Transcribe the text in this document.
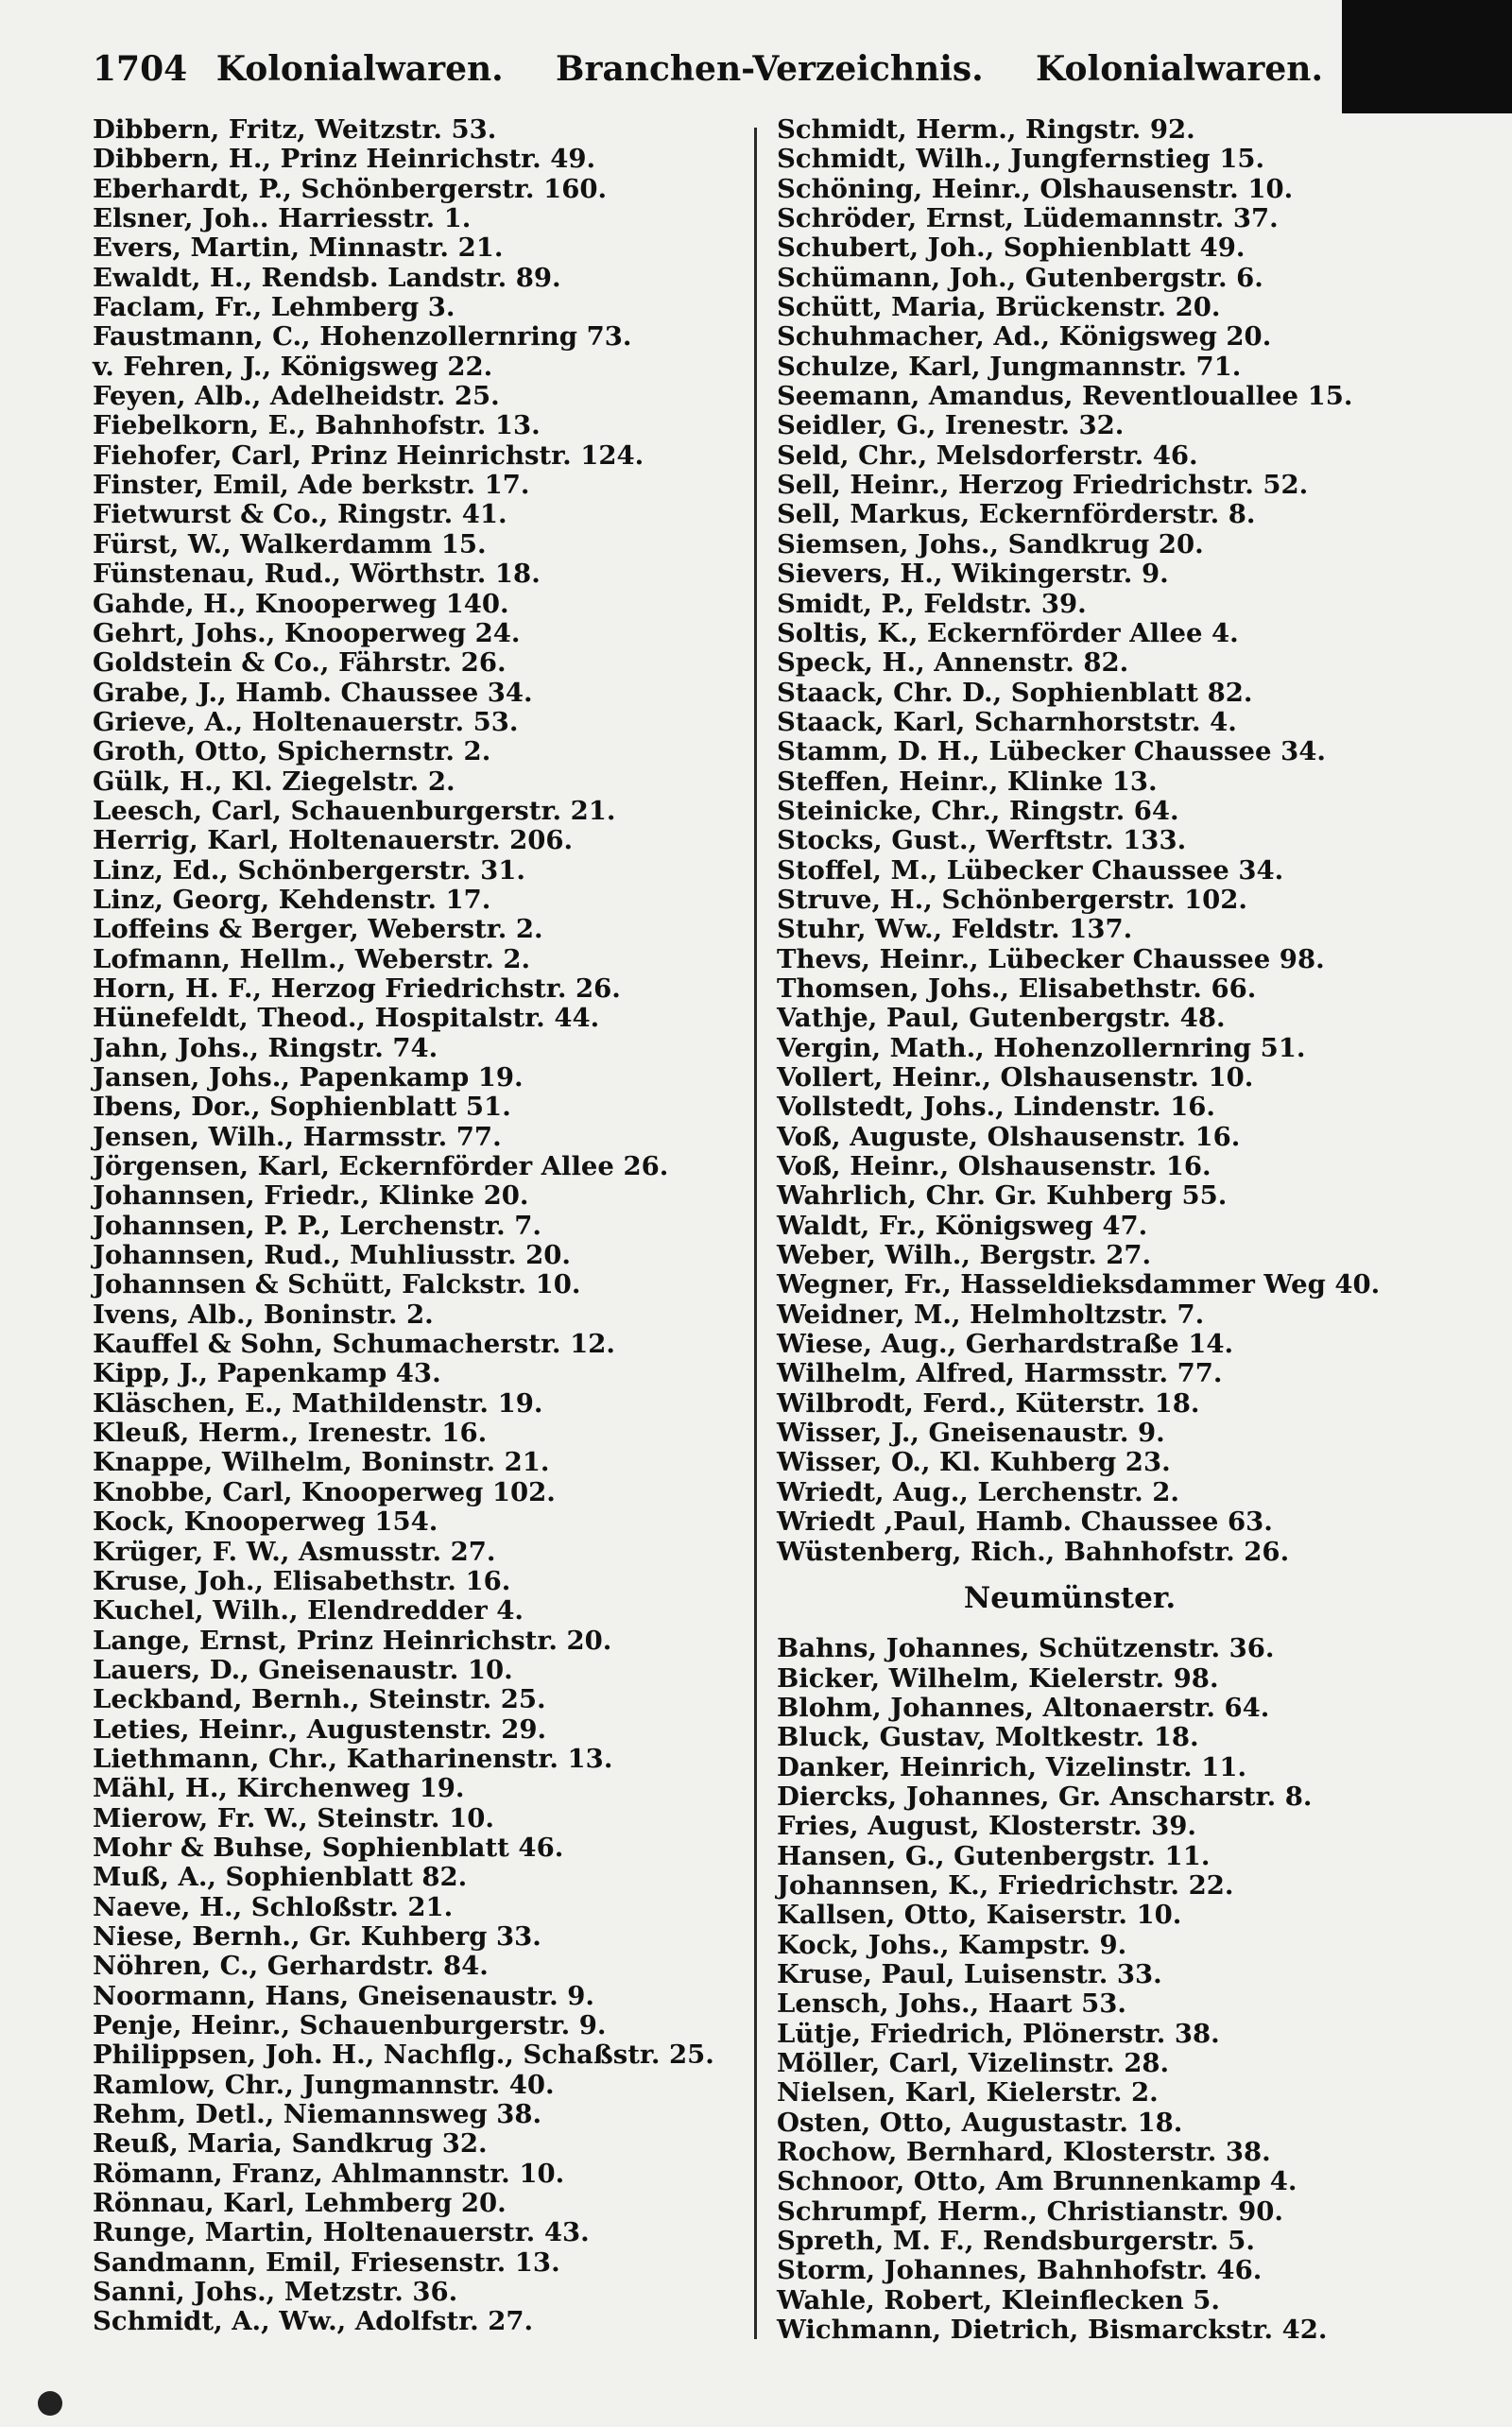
1704 Kolonialwaren. Branchen-Verzeichnis. Kolonialwaren.
Dibbern, Fritz, Weitzstr. 53.
Dibbern, H., Prinz Heinrichstr. 49.
Eberhardt, P., Schönbergerstr. 160.
Elsner, Joh.. Harriesstr. 1.
Evers, Martin, Minnastr. 21.
Ewaldt, H., Rendsb. Landstr. 89.
Faclam, Fr., Lehmberg 3.
Faustmann, C., Hohenzollernring 73.
v. Fehren, J., Königsweg 22.
Feyen, Alb., Adelheidstr. 25.
Fiebelkorn, E., Bahnhofstr. 13.
Fiehofer, Carl, Prinz Heinrichstr. 124.
Finster, Emil, Ade berkstr. 17.
Fietwurst & Co., Ringstr. 41.
Fürst, W., Walkerdamm 15.
Fünstenau, Rud., Wörthstr. 18.
Gahde, H., Knooperweg 140.
Gehrt, Johs., Knooperweg 24.
Goldstein & Co., Fährstr. 26.
Grabe, J., Hamb. Chaussee 34.
Grieve, A., Holtenauerstr. 53.
Groth, Otto, Spichernstr. 2.
Gülk, H., Kl. Ziegelstr. 2.
Leesch, Carl, Schauenburgerstr. 21.
Herrig, Karl, Holtenauerstr. 206.
Linz, Ed., Schönbergerstr. 31.
Linz, Georg, Kehdenstr. 17.
Loffeins & Berger, Weberstr. 2.
Lofmann, Hellm., Weberstr. 2.
Horn, H. F., Herzog Friedrichstr. 26.
Hünefeldt, Theod., Hospitalstr. 44.
Jahn, Johs., Ringstr. 74.
Jansen, Johs., Papenkamp 19.
Ibens, Dor., Sophienblatt 51.
Jensen, Wilh., Harmsstr. 77.
Jörgensen, Karl, Eckernförder Allee 26.
Johannsen, Friedr., Klinke 20.
Johannsen, P. P., Lerchenstr. 7.
Johannsen, Rud., Muhliusstr. 20.
Johannsen & Schütt, Falckstr. 10.
Ivens, Alb., Boninstr. 2.
Kauffel & Sohn, Schumacherstr. 12.
Kipp, J., Papenkamp 43.
Kläschen, E., Mathildenstr. 19.
Kleuß, Herm., Irenestr. 16.
Knappe, Wilhelm, Boninstr. 21.
Knobbe, Carl, Knooperweg 102.
Kock, Knooperweg 154.
Krüger, F. W., Asmusstr. 27.
Kruse, Joh., Elisabethstr. 16.
Kuchel, Wilh., Elendredder 4.
Lange, Ernst, Prinz Heinrichstr. 20.
Lauers, D., Gneisenaustr. 10.
Leckband, Bernh., Steinstr. 25.
Leties, Heinr., Augustenstr. 29.
Liethmann, Chr., Katharinenstr. 13.
Mähl, H., Kirchenweg 19.
Mierow, Fr. W., Steinstr. 10.
Mohr & Buhse, Sophienblatt 46.
Muß, A., Sophienblatt 82.
Naeve, H., Schloßstr. 21.
Niese, Bernh., Gr. Kuhberg 33.
Nöhren, C., Gerhardstr. 84.
Noormann, Hans, Gneisenaustr. 9.
Penje, Heinr., Schauenburgerstr. 9.
Philippsen, Joh. H., Nachflg., Schaßstr. 25.
Ramlow, Chr., Jungmannstr. 40.
Rehm, Detl., Niemannsweg 38.
Reuß, Maria, Sandkrug 32.
Römann, Franz, Ahlmannstr. 10.
Rönnau, Karl, Lehmberg 20.
Runge, Martin, Holtenauerstr. 43.
Sandmann, Emil, Friesenstr. 13.
Sanni, Johs., Metzstr. 36.
Schmidt, A., Ww., Adolfstr. 27.
Schmidt, Herm., Ringstr. 92.
Schmidt, Wilh., Jungfernstieg 15.
Schöning, Heinr., Olshausenstr. 10.
Schröder, Ernst, Lüdemannstr. 37.
Schubert, Joh., Sophienblatt 49.
Schümann, Joh., Gutenbergstr. 6.
Schütt, Maria, Brückenstr. 20.
Schuhmacher, Ad., Königsweg 20.
Schulze, Karl, Jungmannstr. 71.
Seemann, Amandus, Reventlouallee 15.
Seidler, G., Irenestr. 32.
Seld, Chr., Melsdorferstr. 46.
Sell, Heinr., Herzog Friedrichstr. 52.
Sell, Markus, Eckernförderstr. 8.
Siemsen, Johs., Sandkrug 20.
Sievers, H., Wikingerstr. 9.
Smidt, P., Feldstr. 39.
Soltis, K., Eckernförder Allee 4.
Speck, H., Annenstr. 82.
Staack, Chr. D., Sophienblatt 82.
Staack, Karl, Scharnhorststr. 4.
Stamm, D. H., Lübecker Chaussee 34.
Steffen, Heinr., Klinke 13.
Steinicke, Chr., Ringstr. 64.
Stocks, Gust., Werftstr. 133.
Stoffel, M., Lübecker Chaussee 34.
Struve, H., Schönbergerstr. 102.
Stuhr, Ww., Feldstr. 137.
Thevs, Heinr., Lübecker Chaussee 98.
Thomsen, Johs., Elisabethstr. 66.
Vathje, Paul, Gutenbergstr. 48.
Vergin, Math., Hohenzollernring 51.
Vollert, Heinr., Olshausenstr. 10.
Vollstedt, Johs., Lindenstr. 16.
Voß, Auguste, Olshausenstr. 16.
Voß, Heinr., Olshausenstr. 16.
Wahrlich, Chr. Gr. Kuhberg 55.
Waldt, Fr., Königsweg 47.
Weber, Wilh., Bergstr. 27.
Wegner, Fr., Hasseldieksdammer Weg 40.
Weidner, M., Helmholtzstr. 7.
Wiese, Aug., Gerhardstraße 14.
Wilhelm, Alfred, Harmsstr. 77.
Wilbrodt, Ferd., Küterstr. 18.
Wisser, J., Gneisenaustr. 9.
Wisser, O., Kl. Kuhberg 23.
Wriedt, Aug., Lerchenstr. 2.
Wriedt ,Paul, Hamb. Chaussee 63.
Wüstenberg, Rich., Bahnhofstr. 26.
Neumünster.
Bahns, Johannes, Schützenstr. 36.
Bicker, Wilhelm, Kielerstr. 98.
Blohm, Johannes, Altonaerstr. 64.
Bluck, Gustav, Moltkestr. 18.
Danker, Heinrich, Vizelinstr. 11.
Diercks, Johannes, Gr. Anscharstr. 8.
Fries, August, Klosterstr. 39.
Hansen, G., Gutenbergstr. 11.
Johannsen, K., Friedrichstr. 22.
Kallsen, Otto, Kaiserstr. 10.
Kock, Johs., Kampstr. 9.
Kruse, Paul, Luisenstr. 33.
Lensch, Johs., Haart 53.
Lütje, Friedrich, Plönerstr. 38.
Möller, Carl, Vizelinstr. 28.
Nielsen, Karl, Kielerstr. 2.
Osten, Otto, Augustastr. 18.
Rochow, Bernhard, Klosterstr. 38.
Schnoor, Otto, Am Brunnenkamp 4.
Schrumpf, Herm., Christianstr. 90.
Spreth, M. F., Rendsburgerstr. 5.
Storm, Johannes, Bahnhofstr. 46.
Wahle, Robert, Kleinflecken 5.
Wichmann, Dietrich, Bismarckstr. 42.
